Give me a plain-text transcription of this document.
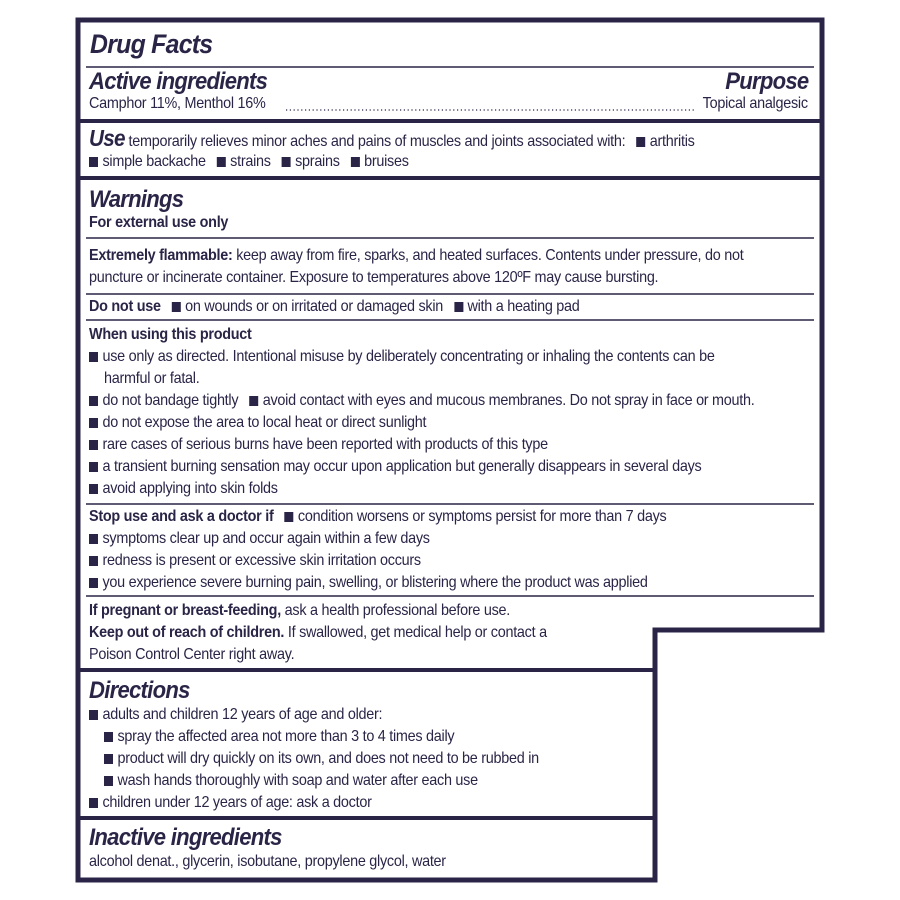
Drug Facts
Active ingredients	Purpose
Camphor 11%, Menthol 16%	Topical analgesic
Use temporarily relieves minor aches and pains of muscles and joints associated with: arthritis
simple backache strains sprains bruises
Warnings
For external use only
Extremely flammable: keep away from fire, sparks, and heated surfaces. Contents under pressure, do not
puncture or incinerate container. Exposure to temperatures above 120ºF may cause bursting.
Do not use on wounds or on irritated or damaged skin with a heating pad
When using this product
use only as directed. Intentional misuse by deliberately concentrating or inhaling the contents can be
harmful or fatal.
do not bandage tightly avoid contact with eyes and mucous membranes. Do not spray in face or mouth.
do not expose the area to local heat or direct sunlight
rare cases of serious burns have been reported with products of this type
a transient burning sensation may occur upon application but generally disappears in several days
avoid applying into skin folds
Stop use and ask a doctor if condition worsens or symptoms persist for more than 7 days
symptoms clear up and occur again within a few days
redness is present or excessive skin irritation occurs
you experience severe burning pain, swelling, or blistering where the product was applied
If pregnant or breast-feeding, ask a health professional before use.
Keep out of reach of children. If swallowed, get medical help or contact a
Poison Control Center right away.
Directions
adults and children 12 years of age and older:
spray the affected area not more than 3 to 4 times daily
product will dry quickly on its own, and does not need to be rubbed in
wash hands thoroughly with soap and water after each use
children under 12 years of age: ask a doctor
Inactive ingredients
alcohol denat., glycerin, isobutane, propylene glycol, water
